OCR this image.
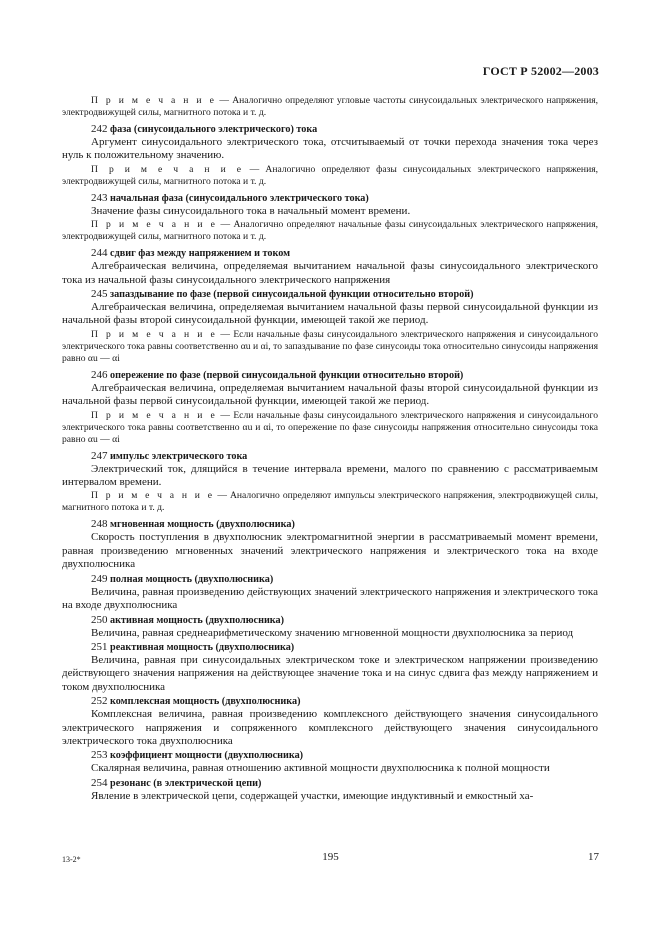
ГОСТ Р 52002—2003

П р и м е ч а н и е — Аналогично определяют угловые частоты синусоидальных электрического напряжения, электродвижущей силы, магнитного потока и т. д.

242 фаза (синусоидального электрического) тока

Аргумент синусоидального электрического тока, отсчитываемый от точки перехода значения тока через нуль к положительному значению.

П р и м е ч а н и е — Аналогично определяют фазы синусоидальных электрического напряжения, электродвижущей силы, магнитного потока и т. д.

243 начальная фаза (синусоидального электрического тока)

Значение фазы синусоидального тока в начальный момент времени.

П р и м е ч а н и е — Аналогично определяют начальные фазы синусоидальных электрического напряжения, электродвижущей силы, магнитного потока и т. д.

244 сдвиг фаз между напряжением и током

Алгебраическая величина, определяемая вычитанием начальной фазы синусоидального электрического тока из начальной фазы синусоидального электрического напряжения

245 запаздывание по фазе (первой синусоидальной функции относительно второй)

Алгебраическая величина, определяемая вычитанием начальной фазы первой синусоидальной функции из начальной фазы второй синусоидальной функции, имеющей такой же период.

П р и м е ч а н и е — Если начальные фазы синусоидального электрического напряжения и синусоидального электрического тока равны соответственно αu и αi, то запаздывание по фазе синусоиды тока относительно синусоиды напряжения равно αu — αi

246 опережение по фазе (первой синусоидальной функции относительно второй)

Алгебраическая величина, определяемая вычитанием начальной фазы второй синусоидальной функции из начальной фазы первой синусоидальной функции, имеющей такой же период.

П р и м е ч а н и е — Если начальные фазы синусоидального электрического напряжения и синусоидального электрического тока равны соответственно αu и αi, то опережение по фазе синусоиды напряжения относительно синусоиды тока равно αu — αi

247 импульс электрического тока

Электрический ток, длящийся в течение интервала времени, малого по сравнению с рассматриваемым интервалом времени.

П р и м е ч а н и е — Аналогично определяют импульсы электрического напряжения, электродвижущей силы, магнитного потока и т. д.

248 мгновенная мощность (двухполюсника)

Скорость поступления в двухполюсник электромагнитной энергии в рассматриваемый момент времени, равная произведению мгновенных значений электрического напряжения и электрического тока на входе двухполюсника

249 полная мощность (двухполюсника)

Величина, равная произведению действующих значений электрического напряжения и электрического тока на входе двухполюсника

250 активная мощность (двухполюсника)

Величина, равная среднеарифметическому значению мгновенной мощности двухполюсника за период

251 реактивная мощность (двухполюсника)

Величина, равная при синусоидальных электрическом токе и электрическом напряжении произведению действующего значения напряжения на действующее значение тока и на синус сдвига фаз между напряжением и током двухполюсника

252 комплексная мощность (двухполюсника)

Комплексная величина, равная произведению комплексного действующего значения синусоидального электрического напряжения и сопряженного комплексного действующего значения синусоидального электрического тока двухполюсника

253 коэффициент мощности (двухполюсника)

Скалярная величина, равная отношению активной мощности двухполюсника к полной мощности

254 резонанс (в электрической цепи)

Явление в электрической цепи, содержащей участки, имеющие индуктивный и емкостный ха-

13-2*	195	17
